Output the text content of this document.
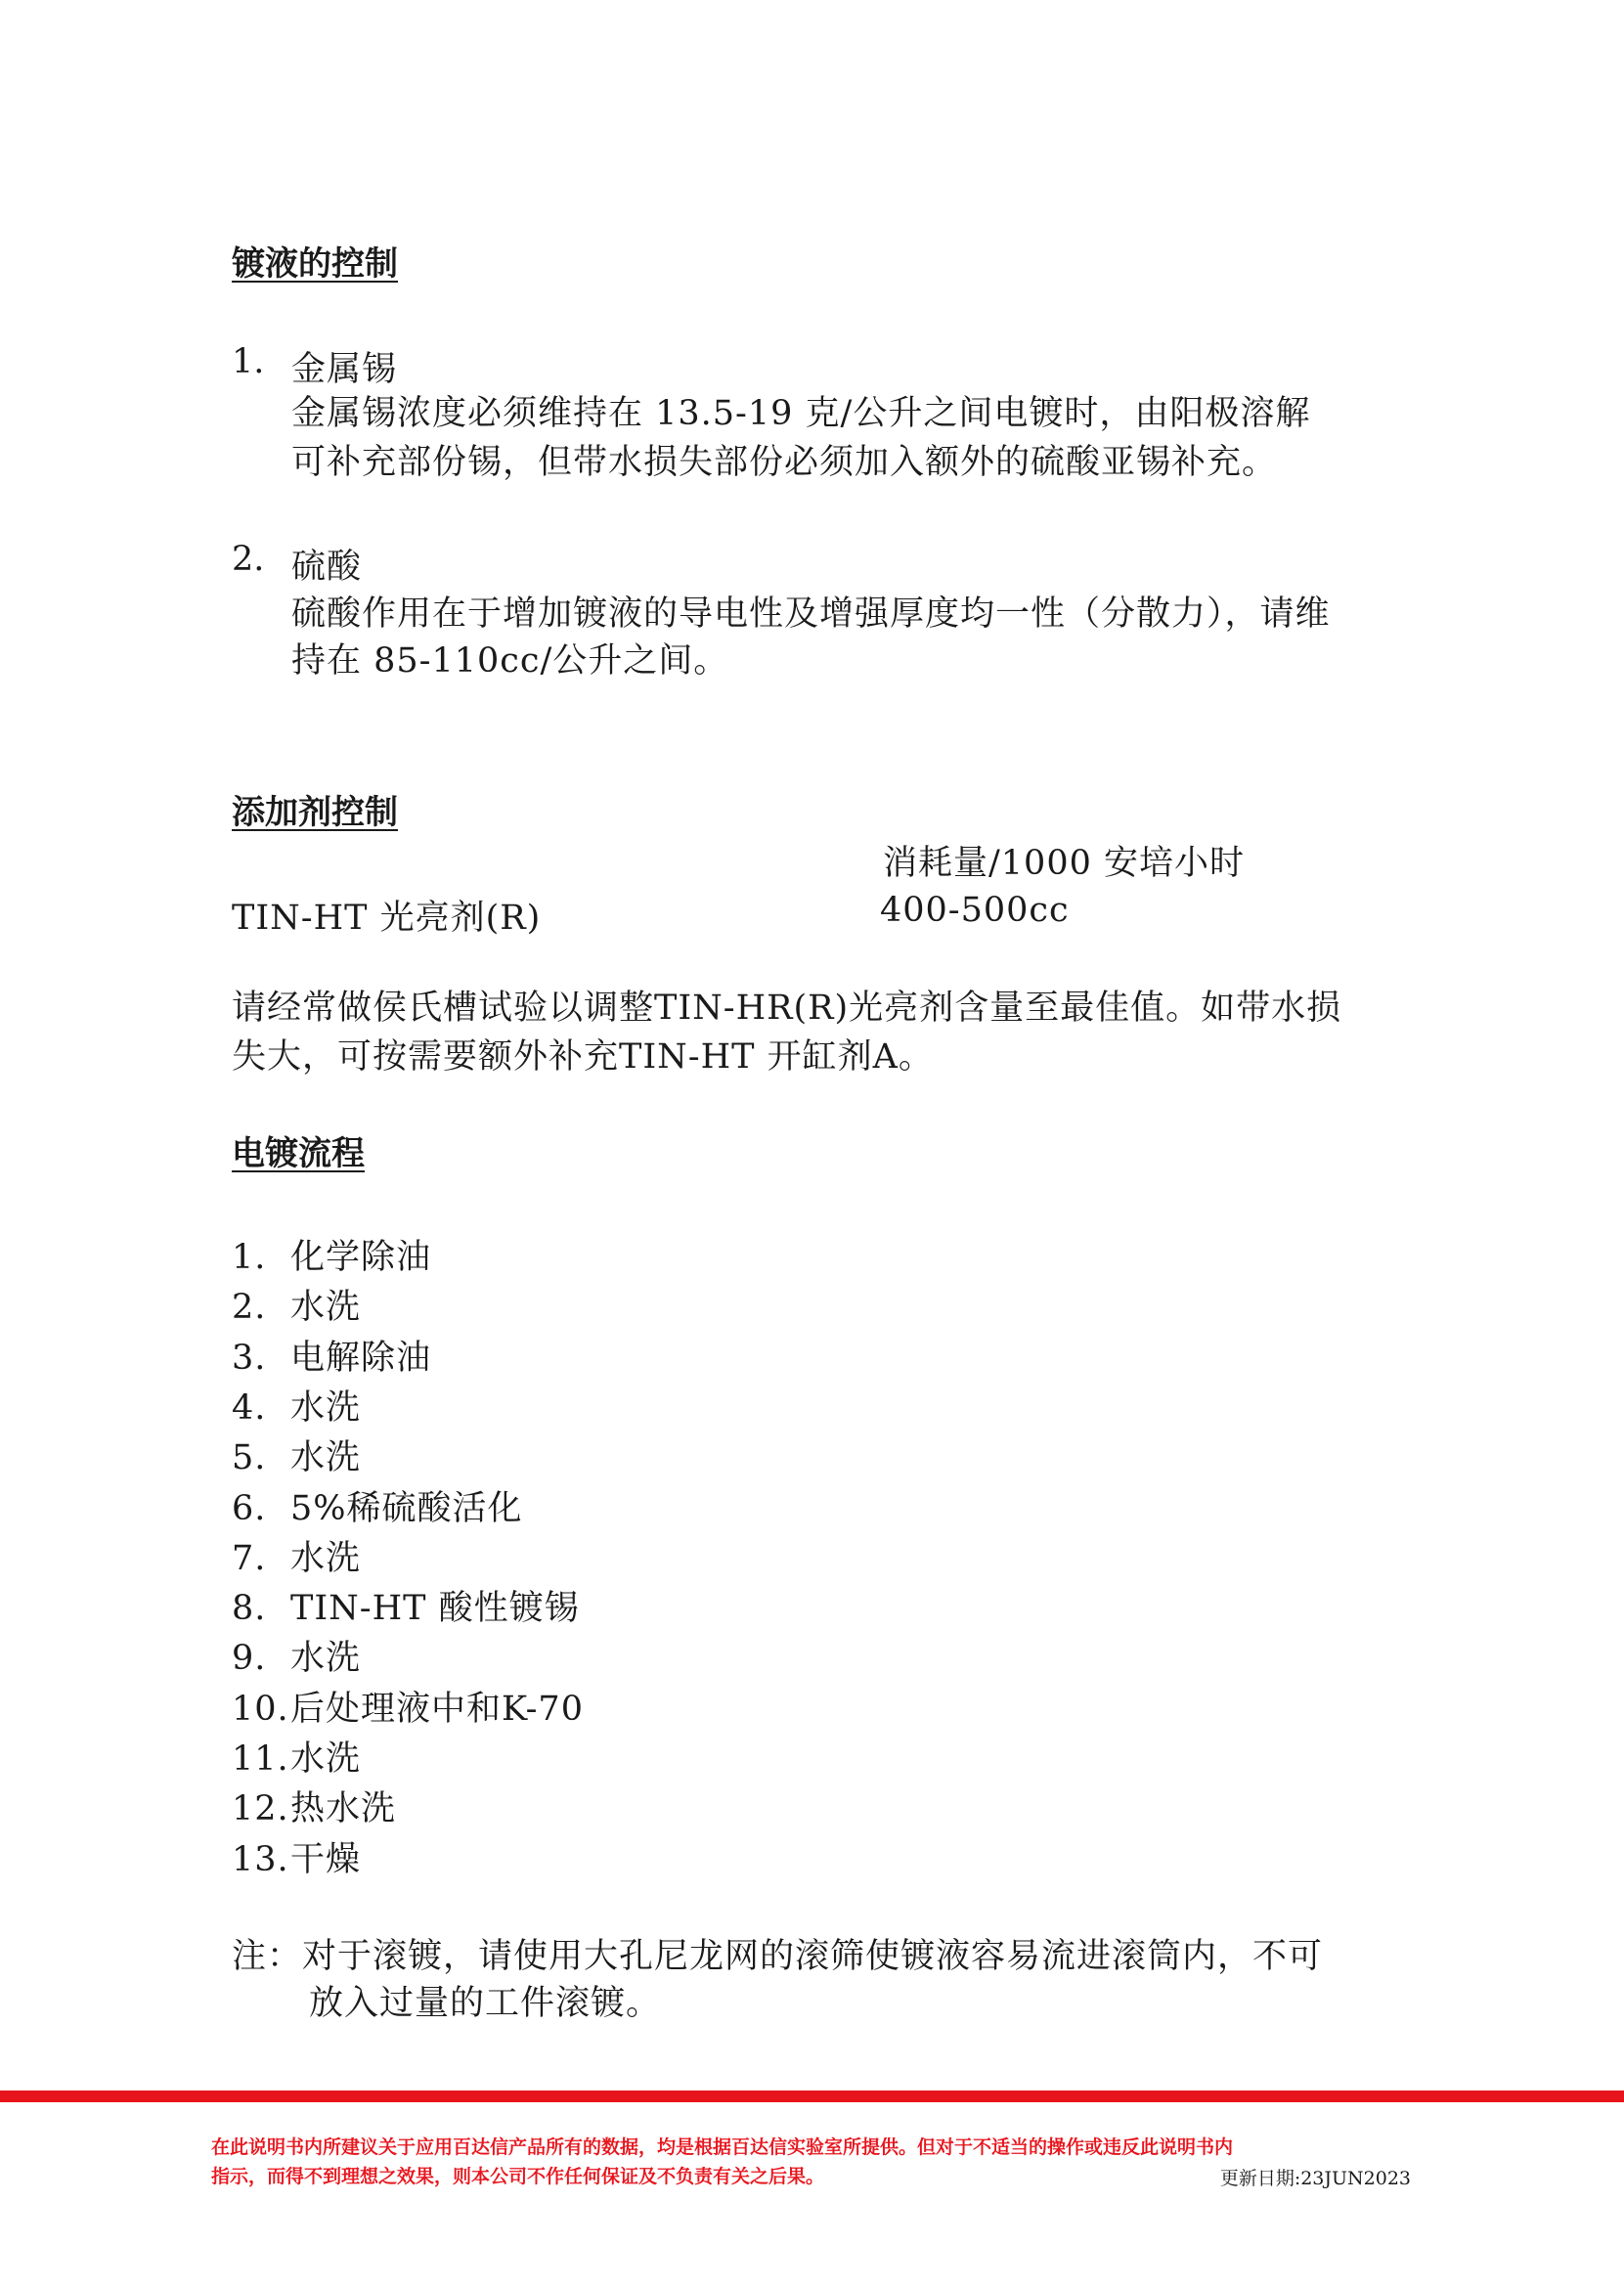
镀液的控制
1. 金属锡
金属锡浓度必须维持在 13.5-19 克/公升之间电镀时，由阳极溶解
可补充部份锡，但带水损失部份必须加入额外的硫酸亚锡补充。
2. 硫酸
硫酸作用在于增加镀液的导电性及增强厚度均一性（分散力），请维
持在 85-110cc/公升之间。
添加剂控制
消耗量/1000 安培小时
TIN-HT 光亮剂(R)	400-500cc
请经常做侯氏槽试验以调整TIN-HR(R)光亮剂含量至最佳值。如带水损
失大，可按需要额外补充TIN-HT 开缸剂A。
电镀流程
1. 化学除油
2. 水洗
3. 电解除油
4. 水洗
5. 水洗
6. 5%稀硫酸活化
7. 水洗
8. TIN-HT 酸性镀锡
9. 水洗
10.后处理液中和K-70
11.水洗
12.热水洗
13.干燥
注：对于滚镀，请使用大孔尼龙网的滚筛使镀液容易流进滚筒内，不可
放入过量的工件滚镀。
在此说明书内所建议关于应用百达信产品所有的数据，均是根据百达信实验室所提供。但对于不适当的操作或违反此说明书内
指示，而得不到理想之效果，则本公司不作任何保证及不负责有关之后果。	更新日期:23JUN2023
